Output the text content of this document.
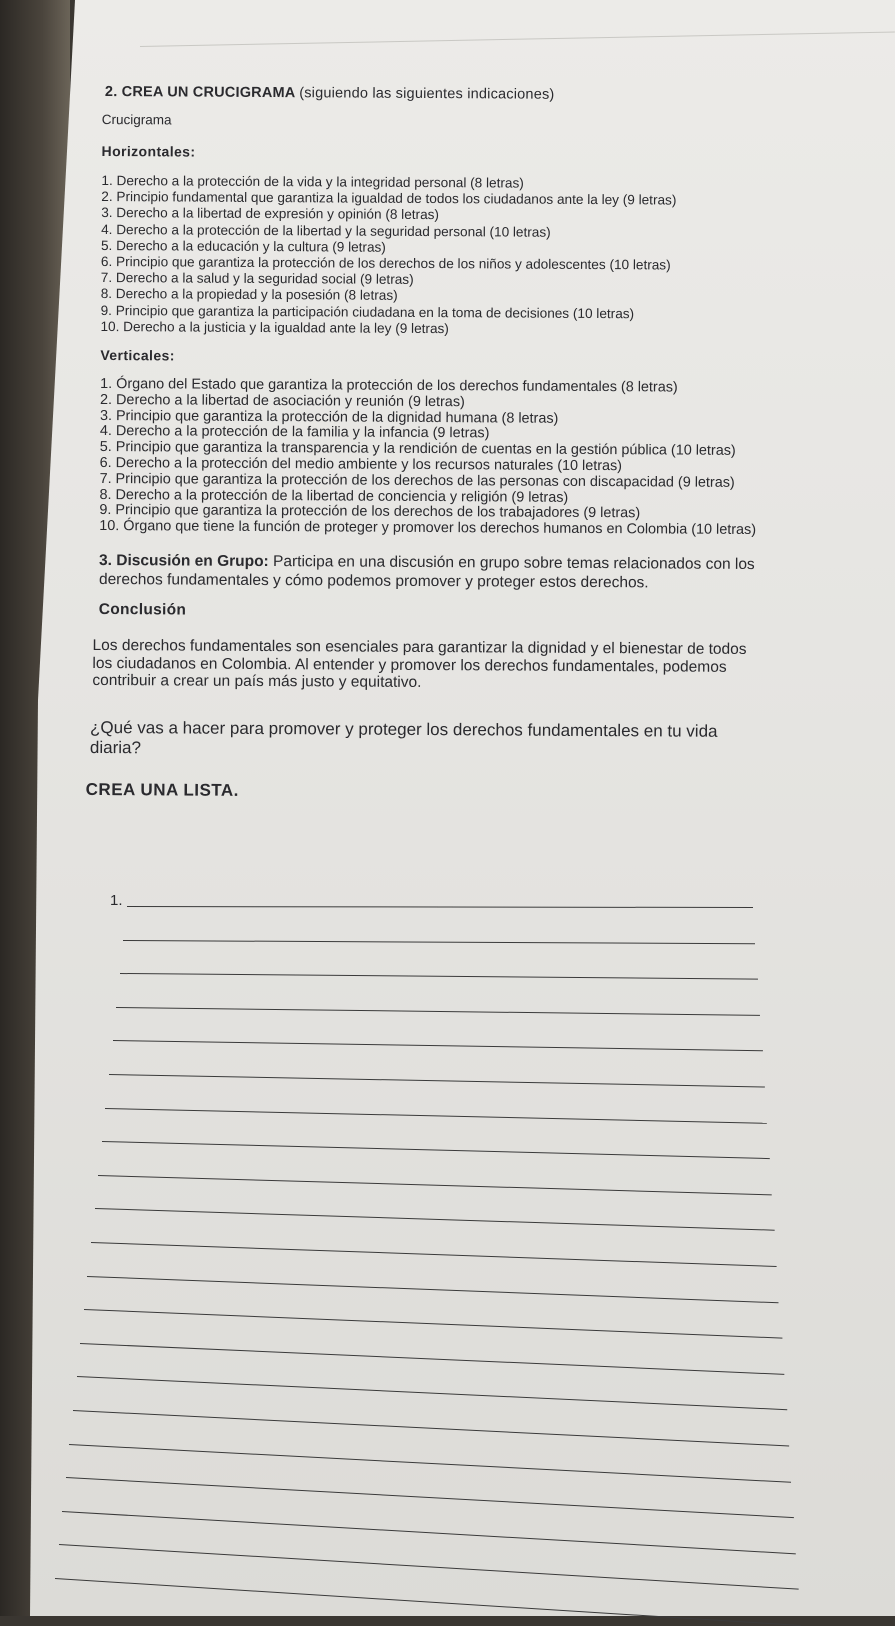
2. CREA UN CRUCIGRAMA (siguiendo las siguientes indicaciones)

Crucigrama

Horizontales:

1. Derecho a la protección de la vida y la integridad personal (8 letras)

2. Principio fundamental que garantiza la igualdad de todos los ciudadanos ante la ley (9 letras)

3. Derecho a la libertad de expresión y opinión (8 letras)

4. Derecho a la protección de la libertad y la seguridad personal (10 letras)

5. Derecho a la educación y la cultura (9 letras)

6. Principio que garantiza la protección de los derechos de los niños y adolescentes (10 letras)

7. Derecho a la salud y la seguridad social (9 letras)

8. Derecho a la propiedad y la posesión (8 letras)

9. Principio que garantiza la participación ciudadana en la toma de decisiones (10 letras)

10. Derecho a la justicia y la igualdad ante la ley (9 letras)

Verticales:

1. Órgano del Estado que garantiza la protección de los derechos fundamentales (8 letras)

2. Derecho a la libertad de asociación y reunión (9 letras)

3. Principio que garantiza la protección de la dignidad humana (8 letras)

4. Derecho a la protección de la familia y la infancia (9 letras)

5. Principio que garantiza la transparencia y la rendición de cuentas en la gestión pública (10 letras)

6. Derecho a la protección del medio ambiente y los recursos naturales (10 letras)

7. Principio que garantiza la protección de los derechos de las personas con discapacidad (9 letras)

8. Derecho a la protección de la libertad de conciencia y religión (9 letras)

9. Principio que garantiza la protección de los derechos de los trabajadores (9 letras)

10. Órgano que tiene la función de proteger y promover los derechos humanos en Colombia (10 letras)

3. Discusión en Grupo: Participa en una discusión en grupo sobre temas relacionados con los derechos fundamentales y cómo podemos promover y proteger estos derechos.

Conclusión

Los derechos fundamentales son esenciales para garantizar la dignidad y el bienestar de todos los ciudadanos en Colombia. Al entender y promover los derechos fundamentales, podemos contribuir a crear un país más justo y equitativo.

¿Qué vas a hacer para promover y proteger los derechos fundamentales en tu vida diaria?

CREA UNA LISTA.

1.
